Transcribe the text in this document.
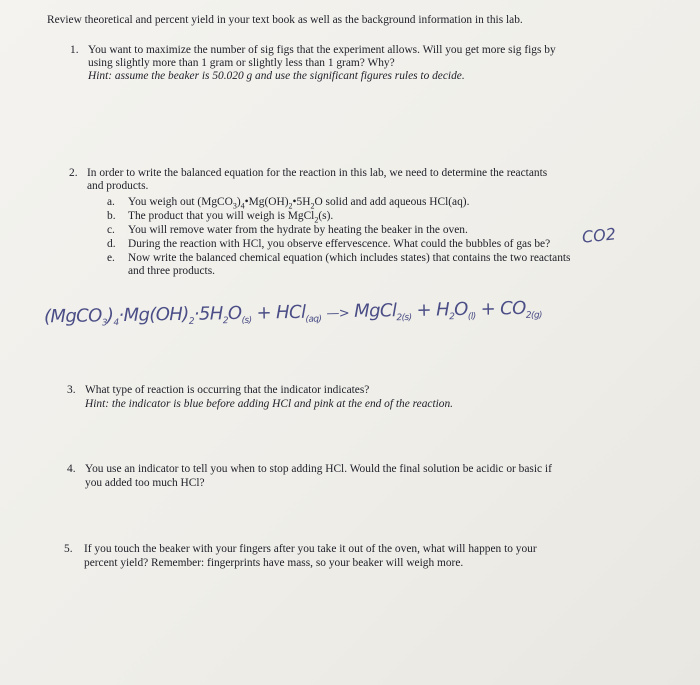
Review theoretical and percent yield in your text book as well as the background information in this lab.
1. You want to maximize the number of sig figs that the experiment allows. Will you get more sig figs by
using slightly more than 1 gram or slightly less than 1 gram? Why?
Hint: assume the beaker is 50.020 g and use the significant figures rules to decide.
2. In order to write the balanced equation for the reaction in this lab, we need to determine the reactants
and products.
a. You weigh out $(MgCO_3)_4•Mg(OH)_2•5H_2O$ solid and add aqueous HCl(aq).
b. The product that you will weigh is MgCl$_2$(s).
c. You will remove water from the hydrate by heating the beaker in the oven.	CO2
d. During the reaction with HCl, you observe effervescence. What could the bubbles of gas be?
e. Now write the balanced chemical equation (which includes states) that contains the two reactants
and three products.
$(MgCO_3)_4\cdot Mg(OH)_2\cdot 5H_2O_{(s)} + HCl_{(aq)}$ —> MgCl$_{2(s)}$ + $H_2O_{(l)} + CO_{2(g)}$
3. What type of reaction is occurring that the indicator indicates?
Hint: the indicator is blue before adding HCl and pink at the end of the reaction.
4. You use an indicator to tell you when to stop adding HCl. Would the final solution be acidic or basic if
you added too much HCl?
5. If you touch the beaker with your fingers after you take it out of the oven, what will happen to your
percent yield? Remember: fingerprints have mass, so your beaker will weigh more.
